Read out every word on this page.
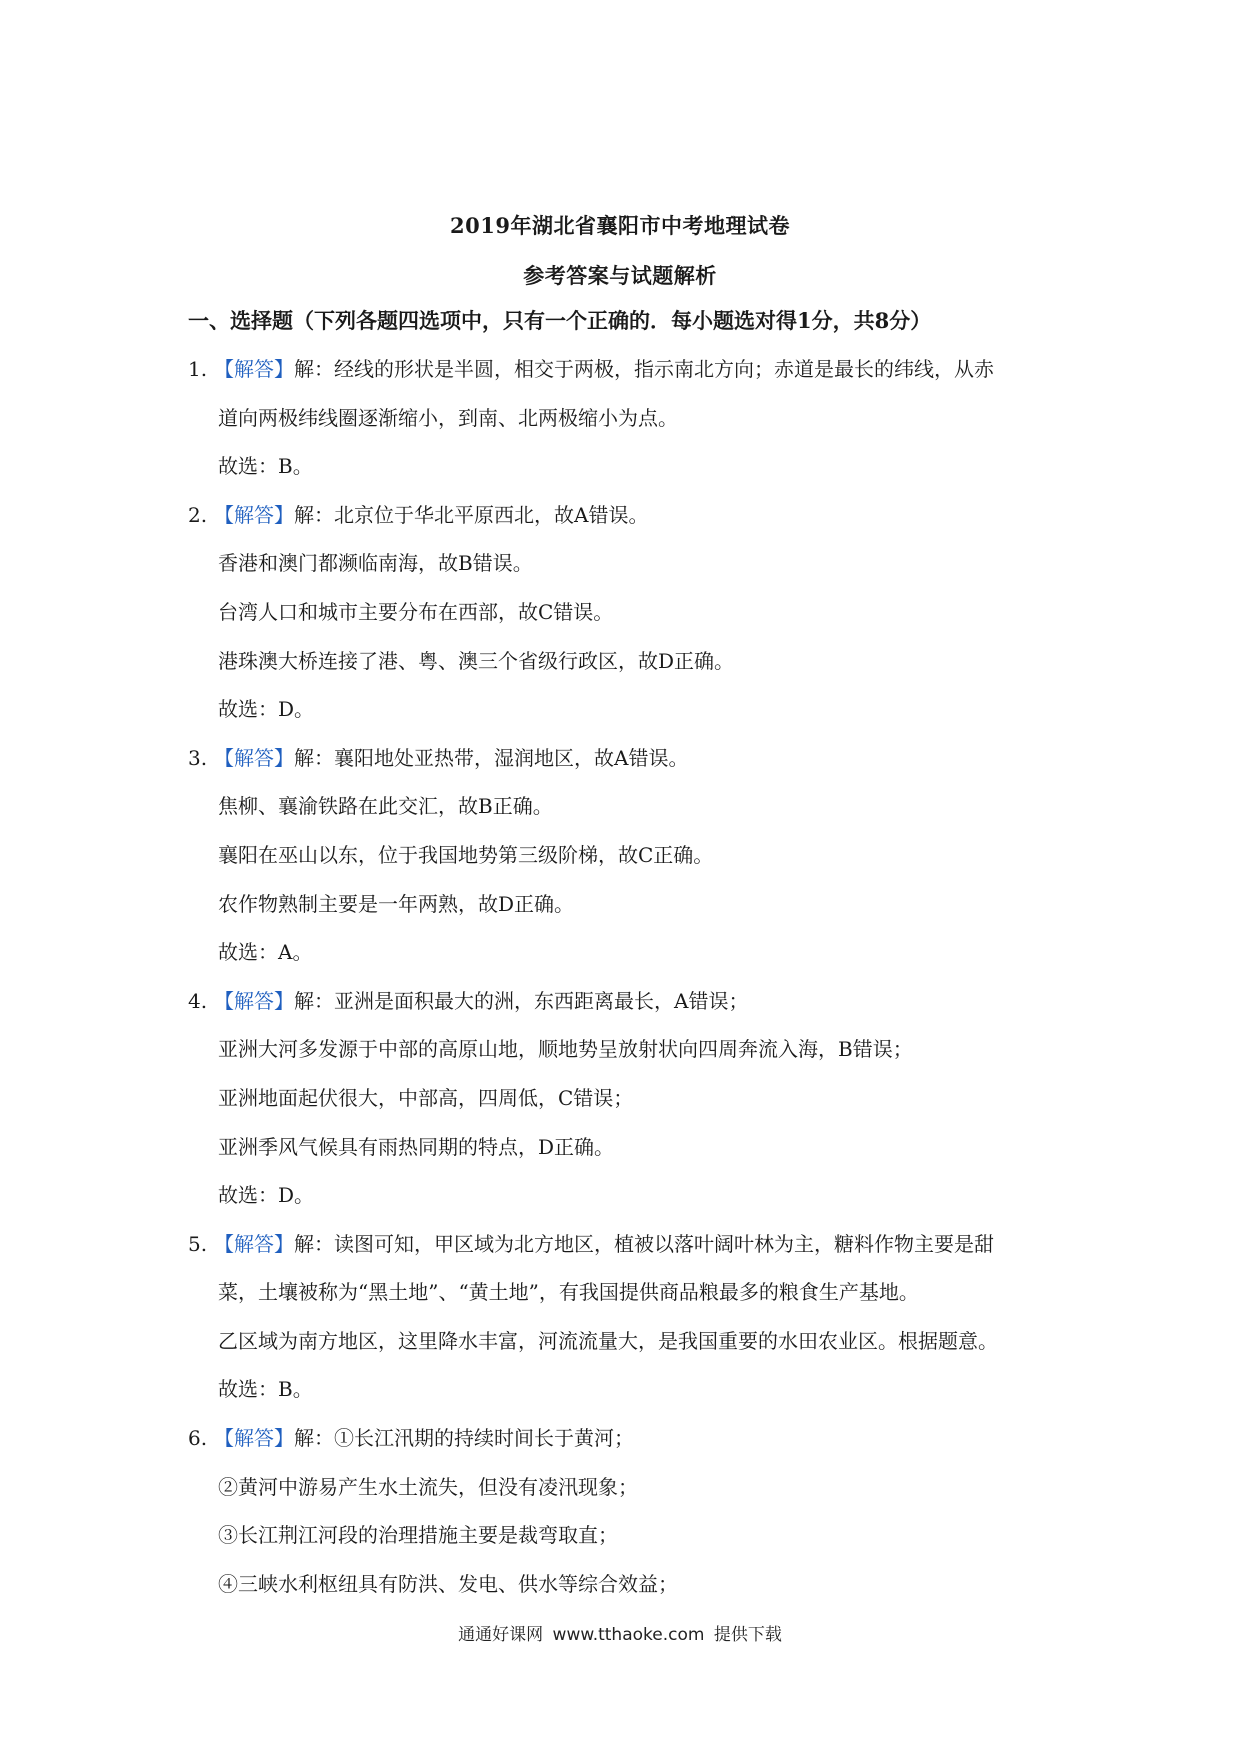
2019年湖北省襄阳市中考地理试卷
参考答案与试题解析
一、选择题（下列各题四选项中，只有一个正确的．每小题选对得1分，共8分）
1. 【解答】解：经线的形状是半圆，相交于两极，指示南北方向；赤道是最长的纬线，从赤
道向两极纬线圈逐渐缩小，到南、北两极缩小为点。
故选：B。
2. 【解答】解：北京位于华北平原西北，故A错误。
香港和澳门都濒临南海，故B错误。
台湾人口和城市主要分布在西部，故C错误。
港珠澳大桥连接了港、粤、澳三个省级行政区，故D正确。
故选：D。
3. 【解答】解：襄阳地处亚热带，湿润地区，故A错误。
焦柳、襄渝铁路在此交汇，故B正确。
襄阳在巫山以东，位于我国地势第三级阶梯，故C正确。
农作物熟制主要是一年两熟，故D正确。
故选：A。
4. 【解答】解：亚洲是面积最大的洲，东西距离最长，A错误；
亚洲大河多发源于中部的高原山地，顺地势呈放射状向四周奔流入海，B错误；
亚洲地面起伏很大，中部高，四周低，C错误；
亚洲季风气候具有雨热同期的特点，D正确。
故选：D。
5. 【解答】解：读图可知，甲区域为北方地区，植被以落叶阔叶林为主，糖料作物主要是甜
菜，土壤被称为“黑土地”、“黄土地”，有我国提供商品粮最多的粮食生产基地。
乙区域为南方地区，这里降水丰富，河流流量大，是我国重要的水田农业区。根据题意。
故选：B。
6. 【解答】解：①长江汛期的持续时间长于黄河；
②黄河中游易产生水土流失，但没有凌汛现象；
③长江荆江河段的治理措施主要是裁弯取直；
④三峡水利枢纽具有防洪、发电、供水等综合效益；
通通好课网 www.tthaoke.com 提供下载
